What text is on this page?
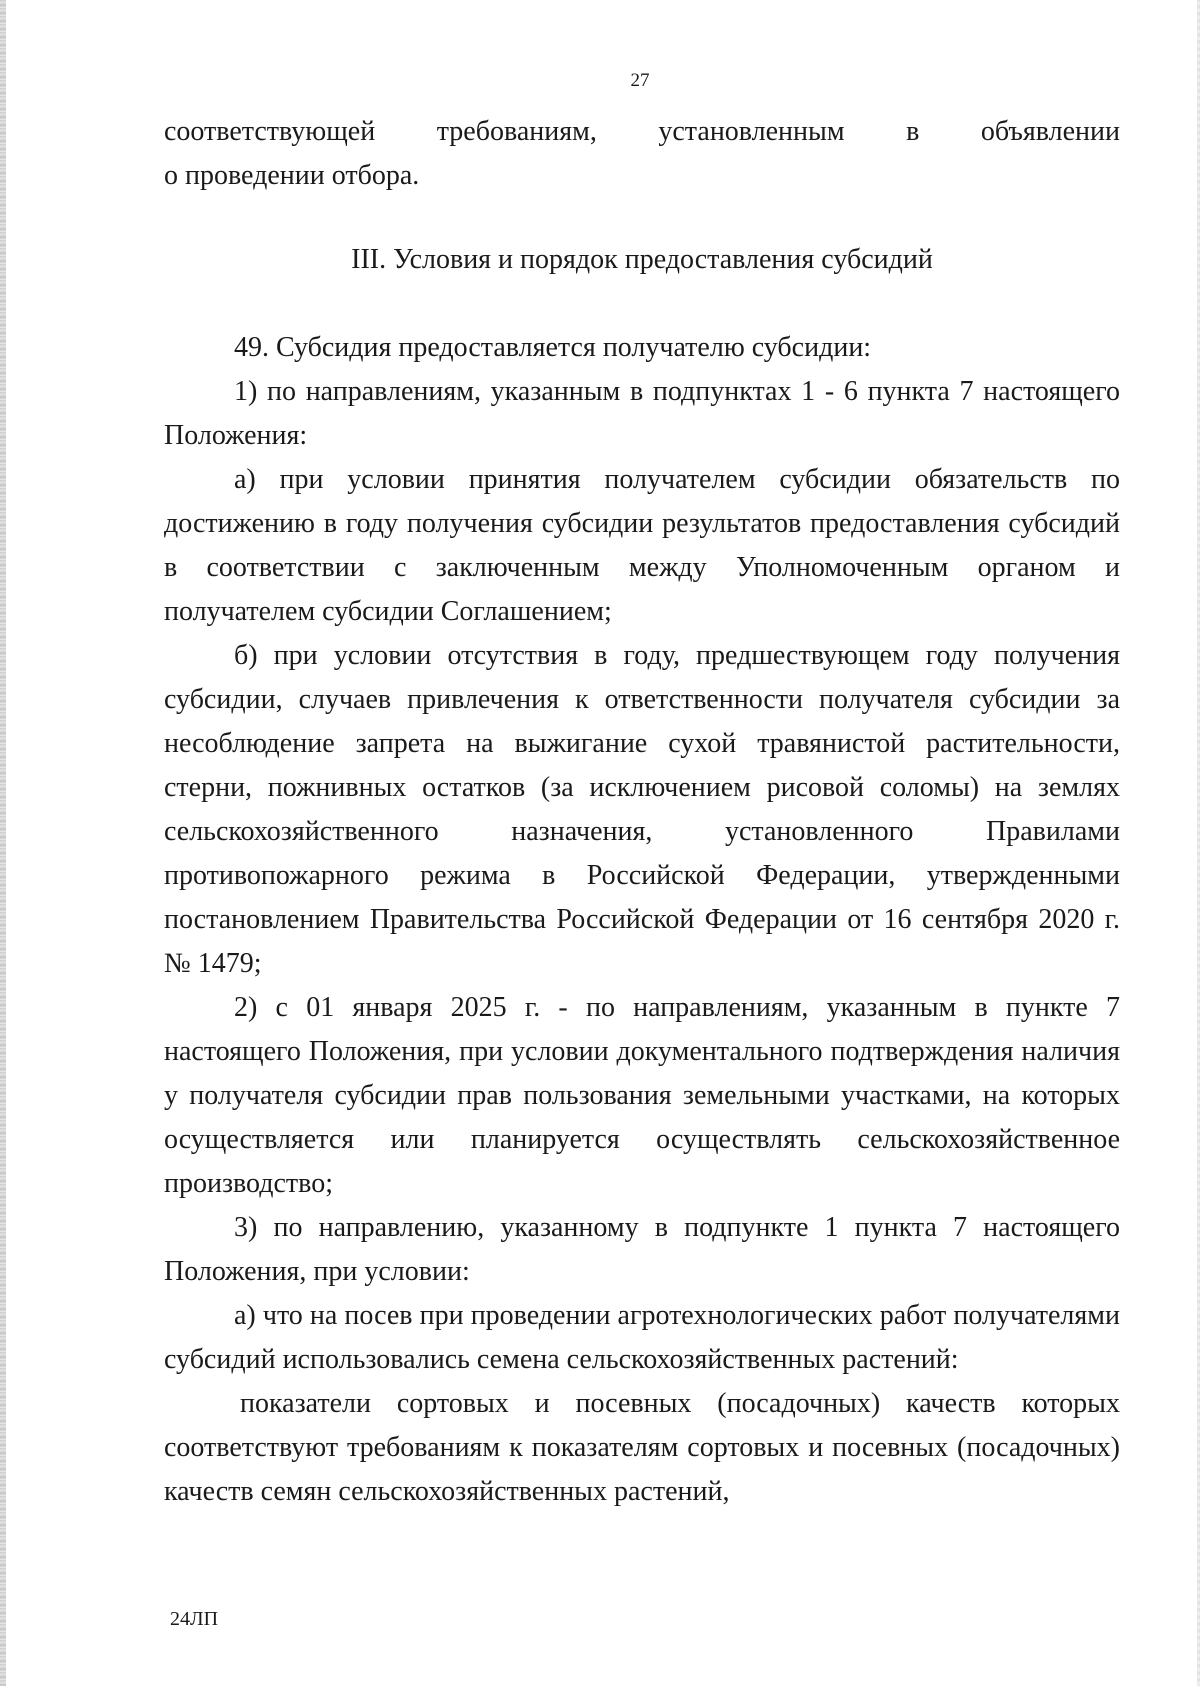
27

соответствующей требованиям, установленным в объявлении

о проведении отбора.

III. Условия и порядок предоставления субсидий

49. Субсидия предоставляется получателю субсидии:

1) по направлениям, указанным в подпунктах 1 - 6 пункта 7 настоящего Положения:

а) при условии принятия получателем субсидии обязательств по достижению в году получения субсидии результатов предоставления субсидий в соответствии с заключенным между Уполномоченным органом и получателем субсидии Соглашением;

б) при условии отсутствия в году, предшествующем году получения субсидии, случаев привлечения к ответственности получателя субсидии за несоблюдение запрета на выжигание сухой травянистой растительности, стерни, пожнивных остатков (за исключением рисовой соломы) на землях сельскохозяйственного назначения, установленного Правилами противопожарного режима в Российской Федерации, утвержденными постановлением Правительства Российской Федерации от 16 сентября 2020 г. № 1479;

2) с 01 января 2025 г. - по направлениям, указанным в пункте 7 настоящего Положения, при условии документального подтверждения наличия у получателя субсидии прав пользования земельными участками, на которых осуществляется или планируется осуществлять сельскохозяйственное производство;

3) по направлению, указанному в подпункте 1 пункта 7 настоящего Положения, при условии:

а) что на посев при проведении агротехнологических работ получателями субсидий использовались семена сельскохозяйственных растений:

показатели сортовых и посевных (посадочных) качеств которых соответствуют требованиям к показателям сортовых и посевных (посадочных) качеств семян сельскохозяйственных растений,

24ЛП
